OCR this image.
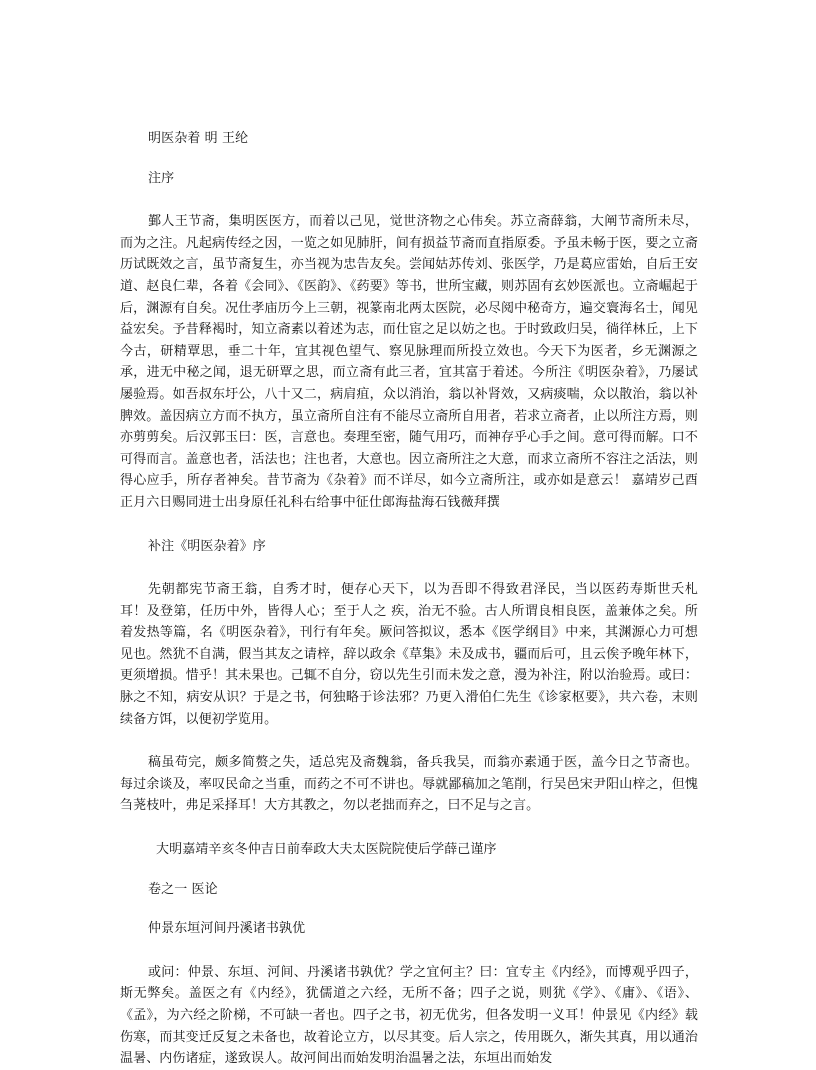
明医杂着 明 王纶

注序

鄞人王节斋，集明医医方，而着以己见，觉世济物之心伟矣。苏立斋薛翁，大阐节斋所未尽，而为之注。凡起病传经之因，一览之如见肺肝，间有损益节斋而直指原委。予虽未畅于医，要之立斋历试既效之言，虽节斋复生，亦当视为忠告友矣。尝闻姑苏传刘、张医学，乃是葛应雷始，自后王安道、赵良仁辈，各着《会同》、《医韵》、《药要》等书，世所宝藏，则苏固有玄妙医派也。立斋崛起于后，渊源有自矣。况仕孝庙历今上三朝，视篆南北两太医院，必尽阅中秘奇方，遍交寰海名士，闻见益宏矣。予昔释褐时，知立斋素以着述为志，而仕宦之足以妨之也。于时致政归吴，徜徉林丘，上下今古，研精覃思，垂二十年，宜其视色望气、察见脉理而所投立效也。今天下为医者，乡无渊源之承，进无中秘之闻，退无研覃之思，而立斋有此三者，宜其富于着述。今所注《明医杂着》，乃屡试屡验焉。如吾叔东圩公，八十又二，病肩疽，众以消治，翁以补肾效，又病痰喘，众以散治，翁以补脾效。盖因病立方而不执方，虽立斋所自注有不能尽立斋所自用者，若求立斋者，止以所注方焉，则亦剪剪矣。后汉郭玉曰：医，言意也。奏理至密，随气用巧，而神存乎心手之间。意可得而解。口不可得而言。盖意也者，活法也；注也者，大意也。因立斋所注之大意，而求立斋所不容注之活法，则得心应手，所存者神矣。昔节斋为《杂着》而不详尽，如今立斋所注，或亦如是意云！ 嘉靖岁己酉正月六日赐同进士出身原任礼科右给事中征仕郎海盐海石钱薇拜撰

补注《明医杂着》序

先朝都宪节斋王翁，自秀才时，便存心天下，以为吾即不得致君泽民，当以医药寿斯世夭札耳！及登第，任历中外，皆得人心；至于人之 疾，治无不验。古人所谓良相良医，盖兼体之矣。所着发热等篇，名《明医杂着》，刊行有年矣。厥问答拟议，悉本《医学纲目》中来，其渊源心力可想见也。然犹不自满，假当其友之请梓，辞以政余《草集》未及成书，疆而后可，且云俟予晚年林下，更须增损。惜乎！其未果也。己辄不自分，窃以先生引而未发之意，漫为补注，附以治验焉。或曰：脉之不知，病安从识？于是之书，何独略于诊法邪？乃更入滑伯仁先生《诊家枢要》，共六卷，末则续备方饵，以便初学览用。

稿虽苟完，颇多简赘之失，适总宪及斋魏翁，备兵我吴，而翁亦素通于医，盖今日之节斋也。每过余谈及，率叹民命之当重，而药之不可不讲也。辱就鄙稿加之笔削，行吴邑宋尹阳山梓之，但愧刍荛枝叶，弗足采择耳！大方其教之，勿以老拙而弃之，曰不足与之言。

大明嘉靖辛亥冬仲吉日前奉政大夫太医院院使后学薛己谨序

卷之一 医论

仲景东垣河间丹溪诸书孰优

或问：仲景、东垣、河间、丹溪诸书孰优？学之宜何主？曰：宜专主《内经》，而博观乎四子，斯无弊矣。盖医之有《内经》，犹儒道之六经，无所不备；四子之说，则犹《学》、《庸》、《语》、《孟》，为六经之阶梯，不可缺一者也。四子之书，初无优劣，但各发明一义耳！仲景见《内经》载伤寒，而其变迁反复之未备也，故着论立方，以尽其变。后人宗之，传用既久，渐失其真，用以通治温暑、内伤诸症，遂致误人。故河间出而始发明治温暑之法，东垣出而始发
